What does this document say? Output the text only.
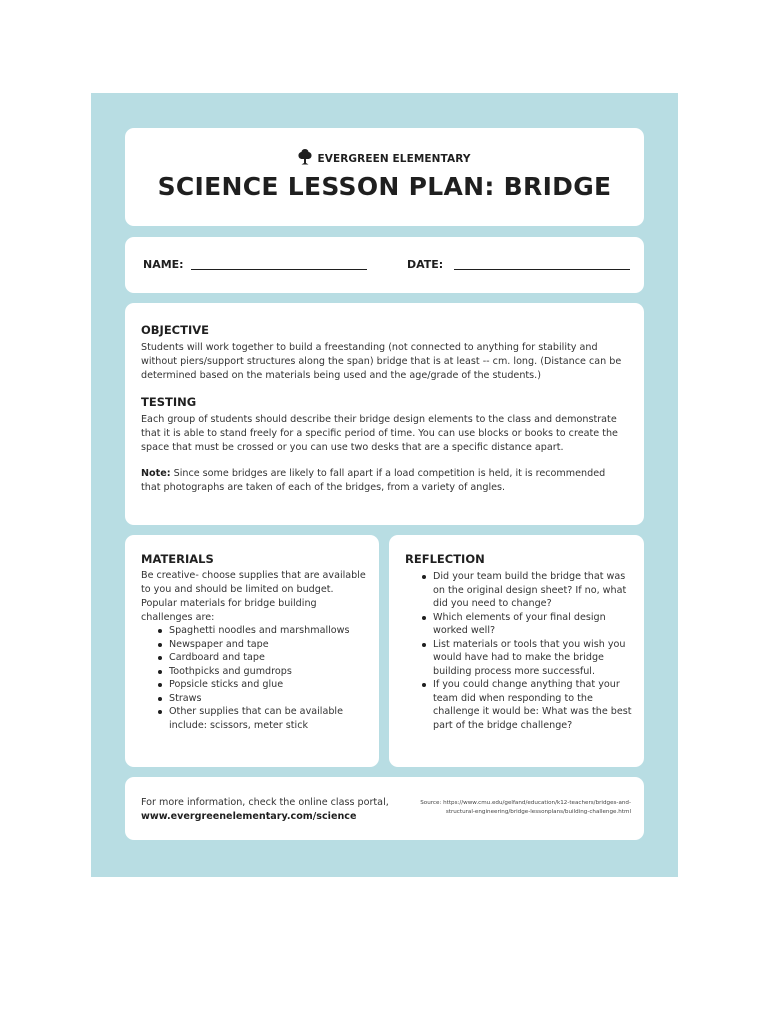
EVERGREEN ELEMENTARY
SCIENCE LESSON PLAN: BRIDGE
NAME:	DATE:
OBJECTIVE
Students will work together to build a freestanding (not connected to anything for stability and without piers/support structures along the span) bridge that is at least -- cm. long. (Distance can be determined based on the materials being used and the age/grade of the students.)
TESTING
Each group of students should describe their bridge design elements to the class and demonstrate that it is able to stand freely for a specific period of time. You can use blocks or books to create the space that must be crossed or you can use two desks that are a specific distance apart.
Note: Since some bridges are likely to fall apart if a load competition is held, it is recommended that photographs are taken of each of the bridges, from a variety of angles.
MATERIALS
Be creative- choose supplies that are available to you and should be limited on budget. Popular materials for bridge building challenges are:
Spaghetti noodles and marshmallows
Newspaper and tape
Cardboard and tape
Toothpicks and gumdrops
Popsicle sticks and glue
Straws
Other supplies that can be available include: scissors, meter stick
REFLECTION
Did your team build the bridge that was on the original design sheet? If no, what did you need to change?
Which elements of your final design worked well?
List materials or tools that you wish you would have had to make the bridge building process more successful.
If you could change anything that your team did when responding to the challenge it would be: What was the best part of the bridge challenge?
For more information, check the online class portal,
www.evergreenelementary.com/science
Source: https://www.cmu.edu/gelfand/education/k12-teachers/bridges-and-structural-engineering/bridge-lessonplans/building-challenge.html
